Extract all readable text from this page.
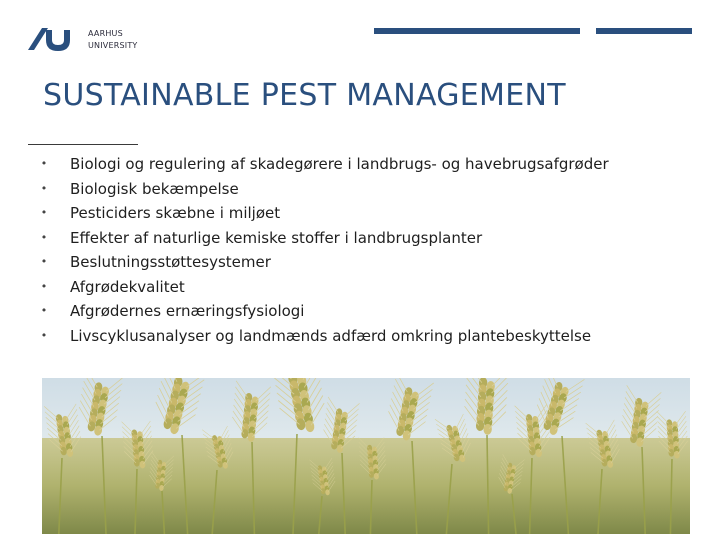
AARHUS
UNIVERSITY
SUSTAINABLE PEST MANAGEMENT
• Biologi og regulering af skadegørere i landbrugs- og havebrugsafgrøder
• Biologisk bekæmpelse
• Pesticiders skæbne i miljøet
• Effekter af naturlige kemiske stoffer i landbrugsplanter
• Beslutningsstøttesystemer
• Afgrødekvalitet
• Afgrødernes ernæringsfysiologi
• Livscyklusanalyser og landmænds adfærd omkring plantebeskyttelse
